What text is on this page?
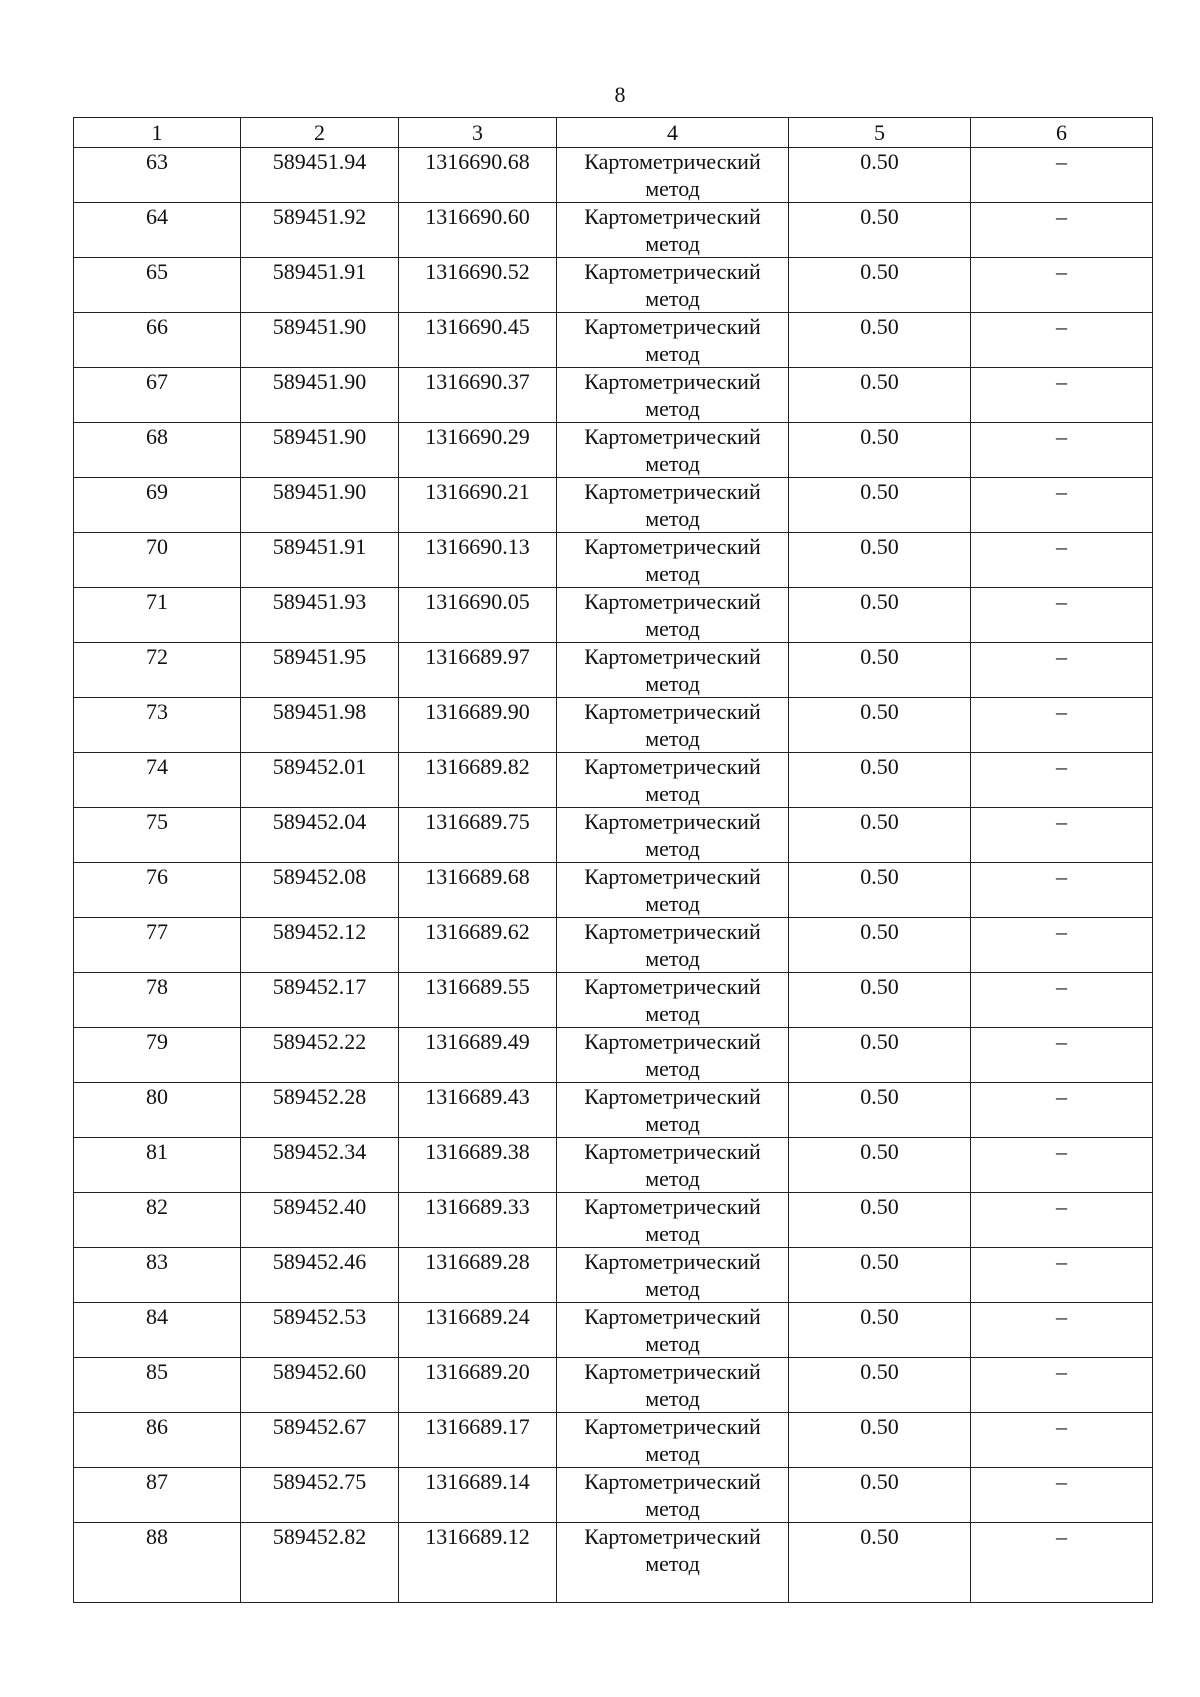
8
1	2	3	4	5	6
63	589451.94	1316690.68	Картометрический метод	0.50	–
64	589451.92	1316690.60	Картометрический метод	0.50	–
65	589451.91	1316690.52	Картометрический метод	0.50	–
66	589451.90	1316690.45	Картометрический метод	0.50	–
67	589451.90	1316690.37	Картометрический метод	0.50	–
68	589451.90	1316690.29	Картометрический метод	0.50	–
69	589451.90	1316690.21	Картометрический метод	0.50	–
70	589451.91	1316690.13	Картометрический метод	0.50	–
71	589451.93	1316690.05	Картометрический метод	0.50	–
72	589451.95	1316689.97	Картометрический метод	0.50	–
73	589451.98	1316689.90	Картометрический метод	0.50	–
74	589452.01	1316689.82	Картометрический метод	0.50	–
75	589452.04	1316689.75	Картометрический метод	0.50	–
76	589452.08	1316689.68	Картометрический метод	0.50	–
77	589452.12	1316689.62	Картометрический метод	0.50	–
78	589452.17	1316689.55	Картометрический метод	0.50	–
79	589452.22	1316689.49	Картометрический метод	0.50	–
80	589452.28	1316689.43	Картометрический метод	0.50	–
81	589452.34	1316689.38	Картометрический метод	0.50	–
82	589452.40	1316689.33	Картометрический метод	0.50	–
83	589452.46	1316689.28	Картометрический метод	0.50	–
84	589452.53	1316689.24	Картометрический метод	0.50	–
85	589452.60	1316689.20	Картометрический метод	0.50	–
86	589452.67	1316689.17	Картометрический метод	0.50	–
87	589452.75	1316689.14	Картометрический метод	0.50	–
88	589452.82	1316689.12	Картометрический метод	0.50	–
